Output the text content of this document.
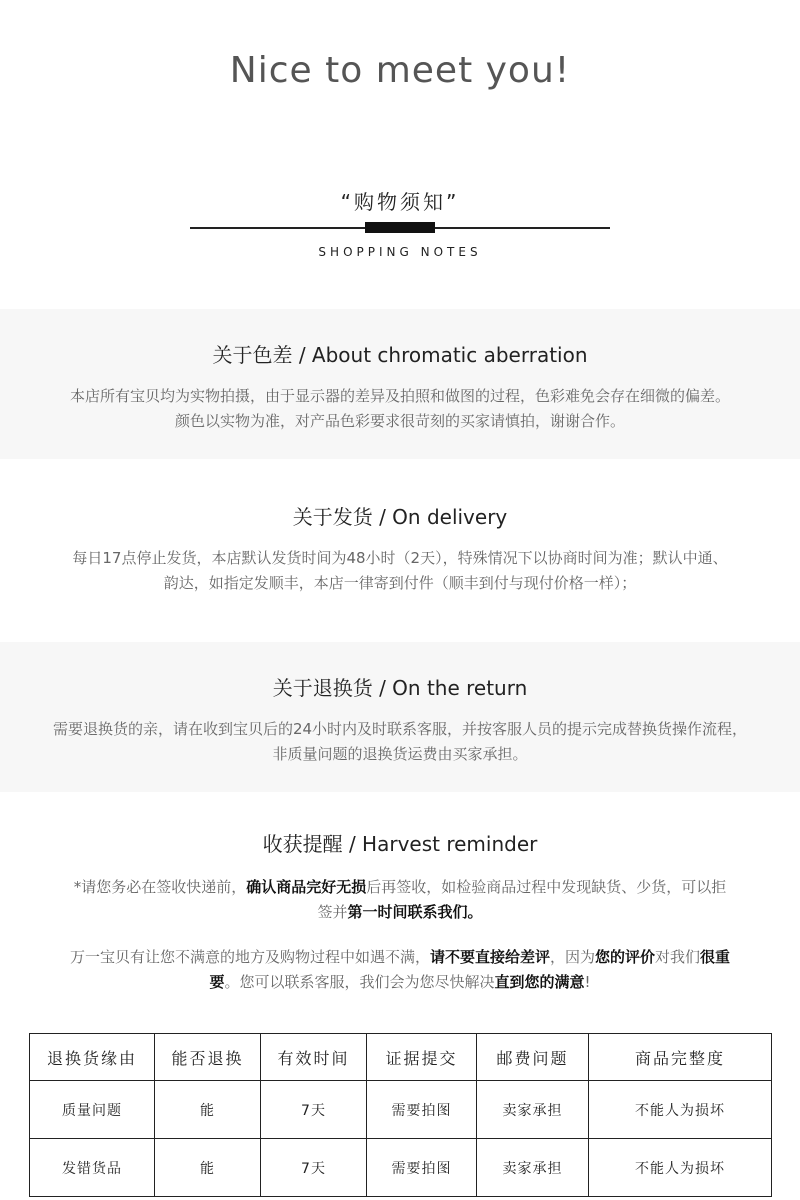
Nice to meet you!
“购物须知”
SHOPPING NOTES
关于色差 / About chromatic aberration

本店所有宝贝均为实物拍摄，由于显示器的差异及拍照和做图的过程，色彩难免会存在细微的偏差。颜色以实物为准，对产品色彩要求很苛刻的买家请慎拍，谢谢合作。

关于发货 / On delivery

每日17点停止发货，本店默认发货时间为48小时（2天），特殊情况下以协商时间为准；默认中通、韵达，如指定发顺丰，本店一律寄到付件（顺丰到付与现付价格一样）；

关于退换货 / On the return

需要退换货的亲，请在收到宝贝后的24小时内及时联系客服，并按客服人员的提示完成替换货操作流程，非质量问题的退换货运费由买家承担。

收获提醒 / Harvest reminder

*请您务必在签收快递前，确认商品完好无损后再签收，如检验商品过程中发现缺货、少货，可以拒签并第一时间联系我们。

万一宝贝有让您不满意的地方及购物过程中如遇不满，请不要直接给差评，因为您的评价对我们很重要。您可以联系客服，我们会为您尽快解决直到您的满意!

退换货缘由	能否退换	有效时间	证据提交	邮费问题	商品完整度
质量问题	能	7天	需要拍图	卖家承担	不能人为损坏
发错货品	能	7天	需要拍图	卖家承担	不能人为损坏
